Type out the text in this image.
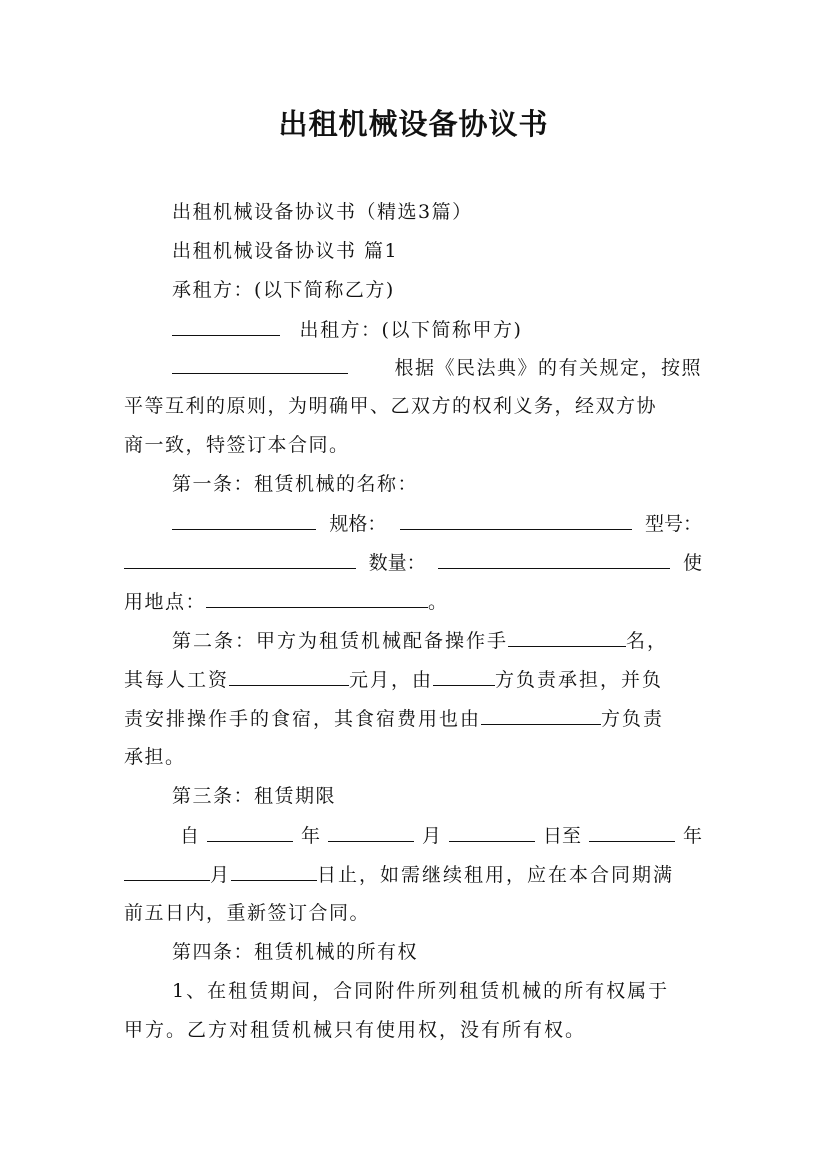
出租机械设备协议书
出租机械设备协议书（精选3篇）
出租机械设备协议书 篇1
承租方：(以下简称乙方)
出租方：(以下简称甲方)
根据《民法典》的有关规定，按照
平等互利的原则，为明确甲、乙双方的权利义务，经双方协
商一致，特签订本合同。
第一条：租赁机械的名称：
规格：	型号：
数量：	使
用地点：	。
第二条：甲方为租赁机械配备操作手	名，
其每人工资	元月，由	方负责承担，并负
责安排操作手的食宿，其食宿费用也由	方负责
承担。
第三条：租赁期限
自	年	月	日至	年
月	日止，如需继续租用，应在本合同期满
前五日内，重新签订合同。
第四条：租赁机械的所有权
1、在租赁期间，合同附件所列租赁机械的所有权属于
甲方。乙方对租赁机械只有使用权，没有所有权。
